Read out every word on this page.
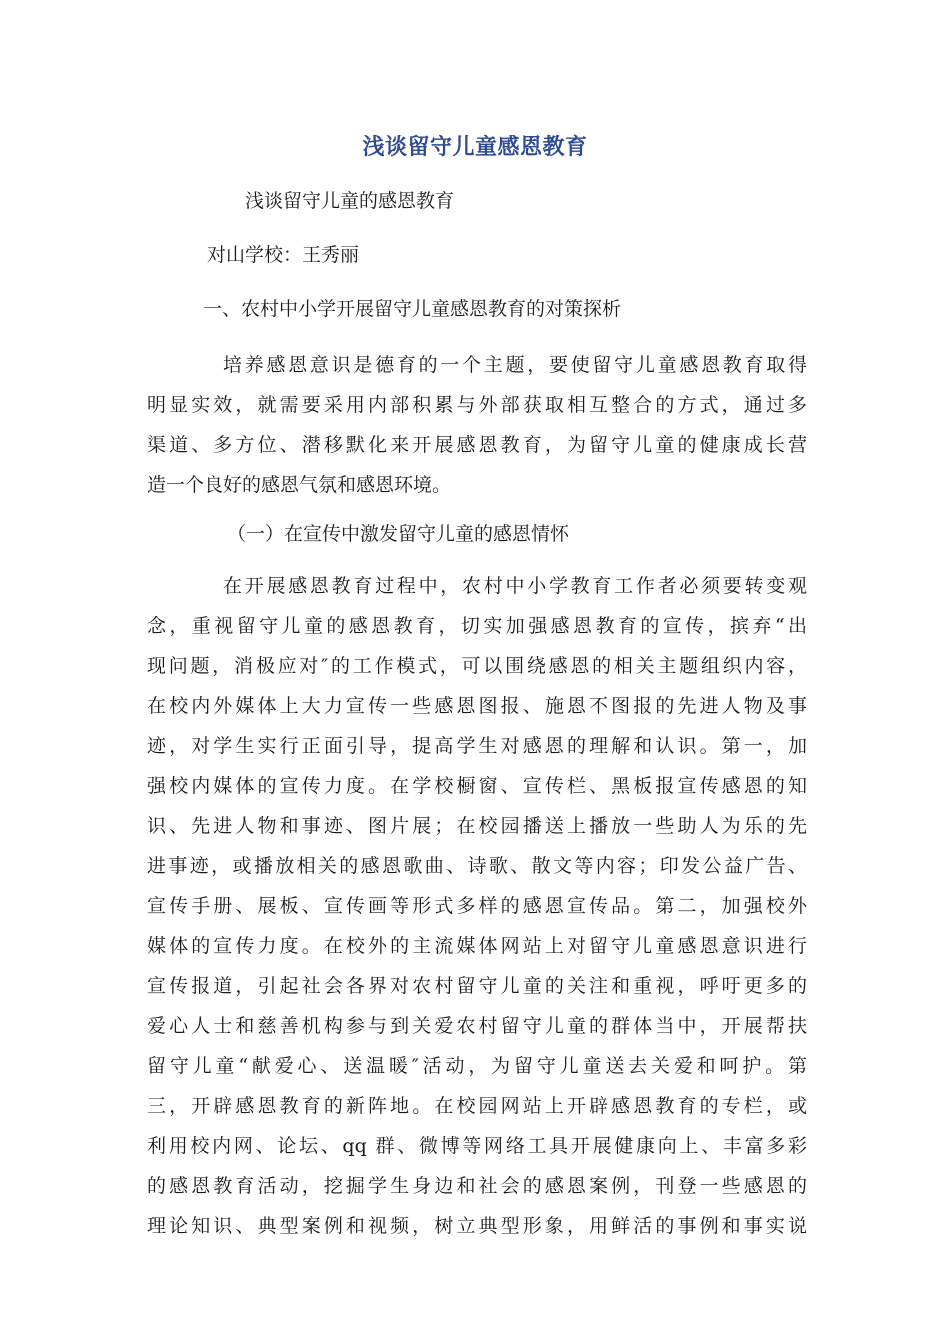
浅谈留守儿童感恩教育
浅谈留守儿童的感恩教育
对山学校：王秀丽
一、农村中小学开展留守儿童感恩教育的对策探析
培养感恩意识是德育的一个主题，要使留守儿童感恩教育取得
明显实效，就需要采用内部积累与外部获取相互整合的方式，通过多
渠道、多方位、潜移默化来开展感恩教育，为留守儿童的健康成长营
造一个良好的感恩气氛和感恩环境。
（一）在宣传中激发留守儿童的感恩情怀
在开展感恩教育过程中，农村中小学教育工作者必须要转变观
念，重视留守儿童的感恩教育，切实加强感恩教育的宣传，摈弃“出
现问题，消极应对″的工作模式，可以围绕感恩的相关主题组织内容，
在校内外媒体上大力宣传一些感恩图报、施恩不图报的先进人物及事
迹，对学生实行正面引导，提高学生对感恩的理解和认识。第一，加
强校内媒体的宣传力度。在学校橱窗、宣传栏、黑板报宣传感恩的知
识、先进人物和事迹、图片展；在校园播送上播放一些助人为乐的先
进事迹，或播放相关的感恩歌曲、诗歌、散文等内容；印发公益广告、
宣传手册、展板、宣传画等形式多样的感恩宣传品。第二，加强校外
媒体的宣传力度。在校外的主流媒体网站上对留守儿童感恩意识进行
宣传报道，引起社会各界对农村留守儿童的关注和重视，呼吁更多的
爱心人士和慈善机构参与到关爱农村留守儿童的群体当中，开展帮扶
留守儿童“献爱心、送温暖″活动，为留守儿童送去关爱和呵护。第
三，开辟感恩教育的新阵地。在校园网站上开辟感恩教育的专栏，或
利用校内网、论坛、qq 群、微博等网络工具开展健康向上、丰富多彩
的感恩教育活动，挖掘学生身边和社会的感恩案例，刊登一些感恩的
理论知识、典型案例和视频，树立典型形象，用鲜活的事例和事实说
